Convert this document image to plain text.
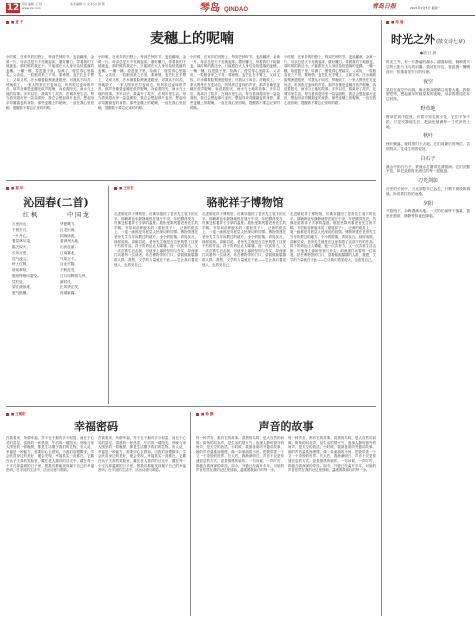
12 责任编辑 王 冠
www.zx.com
美术编辑 小 文 校对 钟 慧	琴岛 QINDAO	青岛日报	2021年7月5日 星期一
■ 麦 子
麦穗上的呢喃
小时候，在家乡的田野上，每到芒种时节，麦浪翻滚，金黄一片。母亲总是天不亮就起床，磨好镰刀，带着我们下地割麦。那时候的我还小，只能跟在大人身后捡拾遗落的麦穗。一穗一穗，捡进篮子里，捡满了，便觉得心里踏实。父亲说，一粒粮食来之不易，要珍惜。麦芒扎在手臂上，又痒又疼，汗水顺着脸颊流进眼里，可我从不叫苦。傍晚收工，一家人围坐在打麦场边，听风吹过麦垛的声音，那声音像是麦穗在低声呢喃，诉说着阳光、雨水与土地的故事。多年以后，我离开了故乡，在城市里生活。每当看到超市里一袋袋面粉，我总会想起那片麦田，想起母亲弯腰割麦的身影。那些麦穗上的呢喃，一直在我心里回响，提醒我不要忘记来时的路。
小时候，在家乡的田野上，每到芒种时节，麦浪翻滚，金黄一片。母亲总是天不亮就起床，磨好镰刀，带着我们下地割麦。那时候的我还小，只能跟在大人身后捡拾遗落的麦穗。一穗一穗，捡进篮子里，捡满了，便觉得心里踏实。父亲说，一粒粮食来之不易，要珍惜。麦芒扎在手臂上，又痒又疼，汗水顺着脸颊流进眼里，可我从不叫苦。傍晚收工，一家人围坐在打麦场边，听风吹过麦垛的声音，那声音像是麦穗在低声呢喃，诉说着阳光、雨水与土地的故事。多年以后，我离开了故乡，在城市里生活。每当看到超市里一袋袋面粉，我总会想起那片麦田，想起母亲弯腰割麦的身影。那些麦穗上的呢喃，一直在我心里回响，提醒我不要忘记来时的路。
小时候，在家乡的田野上，每到芒种时节，麦浪翻滚，金黄一片。母亲总是天不亮就起床，磨好镰刀，带着我们下地割麦。那时候的我还小，只能跟在大人身后捡拾遗落的麦穗。一穗一穗，捡进篮子里，捡满了，便觉得心里踏实。父亲说，一粒粮食来之不易，要珍惜。麦芒扎在手臂上，又痒又疼，汗水顺着脸颊流进眼里，可我从不叫苦。傍晚收工，一家人围坐在打麦场边，听风吹过麦垛的声音，那声音像是麦穗在低声呢喃，诉说着阳光、雨水与土地的故事。多年以后，我离开了故乡，在城市里生活。每当看到超市里一袋袋面粉，我总会想起那片麦田，想起母亲弯腰割麦的身影。那些麦穗上的呢喃，一直在我心里回响，提醒我不要忘记来时的路。
小时候，在家乡的田野上，每到芒种时节，麦浪翻滚，金黄一片。母亲总是天不亮就起床，磨好镰刀，带着我们下地割麦。那时候的我还小，只能跟在大人身后捡拾遗落的麦穗。一穗一穗，捡进篮子里，捡满了，便觉得心里踏实。父亲说，一粒粮食来之不易，要珍惜。麦芒扎在手臂上，又痒又疼，汗水顺着脸颊流进眼里，可我从不叫苦。傍晚收工，一家人围坐在打麦场边，听风吹过麦垛的声音，那声音像是麦穗在低声呢喃，诉说着阳光、雨水与土地的故事。多年以后，我离开了故乡，在城市里生活。每当看到超市里一袋袋面粉，我总会想起那片麦田，想起母亲弯腰割麦的身影。那些麦穗上的呢喃，一直在我心里回响，提醒我不要忘记来时的路。
■ 谢 华
沁园春(二首)
红 枫	中 国 龙
万里河山，
千秋岁月，
一片丹心。
看层林尽染，
霜天似火；
长风万里，
浩气凌云。
岭上红枫，
崖前翠柏，
傲骨铮铮向碧空。
凭栏处，
望江流如练，
意气纵横。
华夏腾飞，
巨龙出海，
四海扬波。
看神州大地，
山河壮丽；
江南塞北，
气象万千。
百业兴隆，
千帆竞发，
日月同辉照九州。
新时代，
正风华正茂，
再谱新篇。
■ 王乐宏
骆驼祥子博物馆
走进骆驼祥子博物馆，仿佛穿越回了老舍先生笔下的北平。那辆黄包车静静地停在展厅中央，车把磨得发亮，仿佛还留着祥子手掌的温度。展柜里陈列着老舍先生的手稿、书信和各种版本的《骆驼祥子》，泛黄的纸页上，一笔一画都是对底层人民深切的同情。博物馆建在老舍先生当年执教过的地方，小小的院落，青砖灰瓦，绿树成荫。讲解员说，老舍先生就是在这里构思了这部不朽的作品。祥子的命运让人唏嘘，他一次次努力，又一次次被生活击倒，可他身上那种坚韧与朴实，却深深打动着每一位读者。站在博物馆的门口，望着熙熙攘攘的人群，我想，文学的力量就在于此——它让我们看见他人，也看见自己。
走进骆驼祥子博物馆，仿佛穿越回了老舍先生笔下的北平。那辆黄包车静静地停在展厅中央，车把磨得发亮，仿佛还留着祥子手掌的温度。展柜里陈列着老舍先生的手稿、书信和各种版本的《骆驼祥子》，泛黄的纸页上，一笔一画都是对底层人民深切的同情。博物馆建在老舍先生当年执教过的地方，小小的院落，青砖灰瓦，绿树成荫。讲解员说，老舍先生就是在这里构思了这部不朽的作品。祥子的命运让人唏嘘，他一次次努力，又一次次被生活击倒，可他身上那种坚韧与朴实，却深深打动着每一位读者。站在博物馆的门口，望着熙熙攘攘的人群，我想，文学的力量就在于此——它让我们看见他人，也看见自己。
走进骆驼祥子博物馆，仿佛穿越回了老舍先生笔下的北平。那辆黄包车静静地停在展厅中央，车把磨得发亮，仿佛还留着祥子手掌的温度。展柜里陈列着老舍先生的手稿、书信和各种版本的《骆驼祥子》，泛黄的纸页上，一笔一画都是对底层人民深切的同情。博物馆建在老舍先生当年执教过的地方，小小的院落，青砖灰瓦，绿树成荫。讲解员说，老舍先生就是在这里构思了这部不朽的作品。祥子的命运让人唏嘘，他一次次努力，又一次次被生活击倒，可他身上那种坚韧与朴实，却深深打动着每一位读者。站在博物馆的门口，望着熙熙攘攘的人群，我想，文学的力量就在于此——它让我们看见他人，也看见自己。
■ 王朝阳
幸福密码
在我看来，所谓幸福，并不在于拥有多少财富，而在于心灵的富足。清晨的一杯热茶，午后的一缕阳光，傍晚与家人围坐的一顿晚餐，都是生活赠予我们的礼物。有人说，幸福是一种能力，需要用心去感知。当我们放慢脚步，学会欣赏身边的美好，便会发现，幸福其实一直都在。它藏在孩子天真的笑脸里，藏在老人慈祥的目光中，藏在每一个平凡却温暖的日子里。愿我们都能找到属于自己的幸福密码，在平淡的生活中，活出诗意与精彩。
在我看来，所谓幸福，并不在于拥有多少财富，而在于心灵的富足。清晨的一杯热茶，午后的一缕阳光，傍晚与家人围坐的一顿晚餐，都是生活赠予我们的礼物。有人说，幸福是一种能力，需要用心去感知。当我们放慢脚步，学会欣赏身边的美好，便会发现，幸福其实一直都在。它藏在孩子天真的笑脸里，藏在老人慈祥的目光中，藏在每一个平凡却温暖的日子里。愿我们都能找到属于自己的幸福密码，在平淡的生活中，活出诗意与精彩。
■ 徐 静
声音的故事
每一种声音，都有它的故事。清晨的鸟鸣，是大自然的问候；街角的叫卖声，是生活的烟火气；夜深人静时窗外的雨声，是天空的低语。小时候，我最喜欢听外婆讲故事，她的声音温柔而缓慢，像一条流淌的小河，把我带进一个又一个奇妙的世界。长大后，我渐渐明白，声音不仅是传递信息的方式，更是情感的载体。一句问候，一声叮咛，都蕴含着深深的牵挂。如今，外婆已经离开多年，可她的声音依然在我的记忆里回响，温暖着我前行的每一步。
每一种声音，都有它的故事。清晨的鸟鸣，是大自然的问候；街角的叫卖声，是生活的烟火气；夜深人静时窗外的雨声，是天空的低语。小时候，我最喜欢听外婆讲故事，她的声音温柔而缓慢，像一条流淌的小河，把我带进一个又一个奇妙的世界。长大后，我渐渐明白，声音不仅是传递信息的方式，更是情感的载体。一句问候，一声叮咛，都蕴含着深深的牵挂。如今，外婆已经离开多年，可她的声音依然在我的记忆里回响，温暖着我前行的每一步。
■ 周 瑜
时光之外 (散文诗七章)
●胡 日 满
时光之外，有一片静谧的湖水。湖面如镜，倒映着天空的云影与飞鸟的羽翼。我站在岸边，看涟漪一圈圈荡开，仿佛看见岁月的纹理。
夜空
星辰在夜空中闪烁，像无数双眼睛注视着大地。我仰望苍穹，想起童年时数星星的夜晚，母亲的歌谣在耳边回荡。
野草地
野草在风中摇曳，开着不知名的小花。它们不争不抢，只是安静地生长，把绿色铺满每一寸荒凉的土地。
秋叶
秋叶飘落，旋转着归于大地。它们用最后的绚烂，告别枝头，完成生命的轮回。
白石子
溪水中的白石子，被流水打磨得光滑圆润。它们沉默不语，却记录着时光流过的每一道痕迹。
刀光剑影
历史的长河中，刀光剑影早已远去，只剩下斑驳的城墙，诉说着往昔的沧桑。
夕阳
夕阳西下，余晖洒满大地。一天的忙碌终于落幕，我坐在窗前，静静等待夜色降临。
